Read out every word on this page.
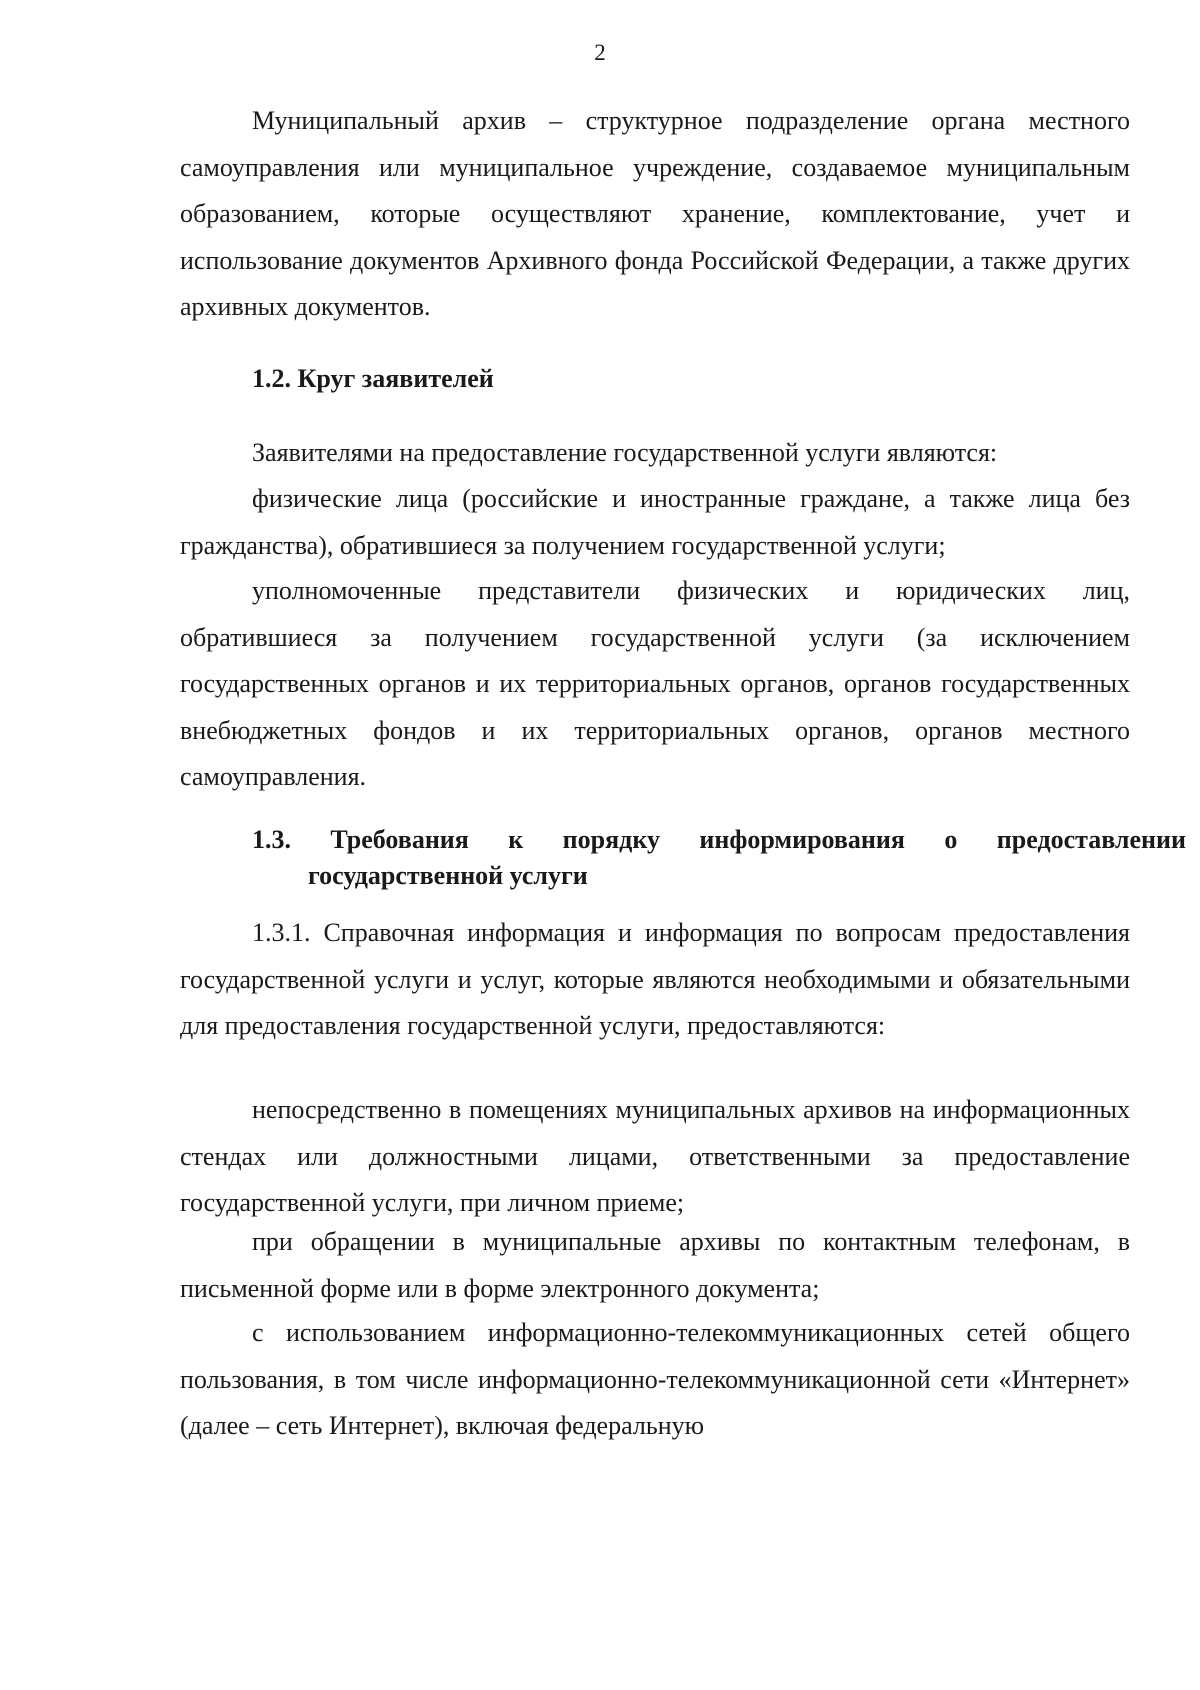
2

Муниципальный архив – структурное подразделение органа местного самоуправления или муниципальное учреждение, создаваемое муниципальным образованием, которые осуществляют хранение, комплектование, учет и использование документов Архивного фонда Российской Федерации, а также других архивных документов.

1.2. Круг заявителей

Заявителями на предоставление государственной услуги являются:

физические лица (российские и иностранные граждане, а также лица без гражданства), обратившиеся за получением государственной услуги;

уполномоченные представители физических и юридических лиц, обратившиеся за получением государственной услуги (за исключением государственных органов и их территориальных органов, органов государственных внебюджетных фондов и их территориальных органов, органов местного самоуправления.

1.3. Требования к порядку информирования о предоставлении государственной услуги

1.3.1. Справочная информация и информация по вопросам предоставления государственной услуги и услуг, которые являются необходимыми и обязательными для предоставления государственной услуги, предоставляются:

непосредственно в помещениях муниципальных архивов на информационных стендах или должностными лицами, ответственными за предоставление государственной услуги, при личном приеме;

при обращении в муниципальные архивы по контактным телефонам, в письменной форме или в форме электронного документа;

с использованием информационно-телекоммуникационных сетей общего пользования, в том числе информационно-телекоммуникационной сети «Интернет» (далее – сеть Интернет), включая федеральную
